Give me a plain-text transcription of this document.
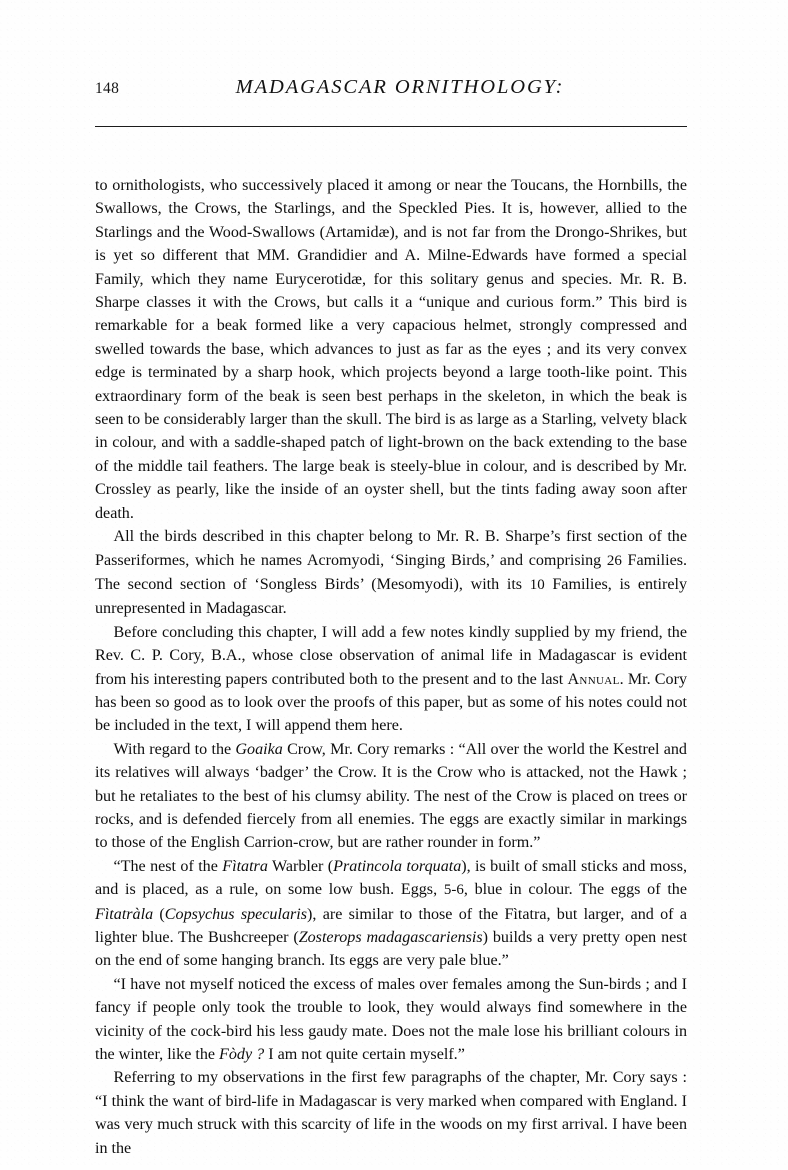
148	MADAGASCAR ORNITHOLOGY:

to ornithologists, who successively placed it among or near the Toucans, the Hornbills, the Swallows, the Crows, the Starlings, and the Speckled Pies. It is, however, allied to the Starlings and the Wood-Swallows (Artamidæ), and is not far from the Drongo-Shrikes, but is yet so different that MM. Grandidier and A. Milne-Edwards have formed a special Family, which they name Eurycerotidæ, for this solitary genus and species. Mr. R. B. Sharpe classes it with the Crows, but calls it a “unique and curious form.” This bird is remarkable for a beak formed like a very capacious helmet, strongly compressed and swelled towards the base, which advances to just as far as the eyes ; and its very convex edge is terminated by a sharp hook, which projects beyond a large tooth-like point. This extraordinary form of the beak is seen best perhaps in the skeleton, in which the beak is seen to be considerably larger than the skull. The bird is as large as a Starling, velvety black in colour, and with a saddle-shaped patch of light-brown on the back extending to the base of the middle tail feathers. The large beak is steely-blue in colour, and is described by Mr. Crossley as pearly, like the inside of an oyster shell, but the tints fading away soon after death.

All the birds described in this chapter belong to Mr. R. B. Sharpe’s first section of the Passeriformes, which he names Acromyodi, ‘Singing Birds,’ and comprising 26 Families. The second section of ‘Songless Birds’ (Mesomyodi), with its 10 Families, is entirely unrepresented in Madagascar.

Before concluding this chapter, I will add a few notes kindly supplied by my friend, the Rev. C. P. Cory, B.A., whose close observation of animal life in Madagascar is evident from his interesting papers contributed both to the present and to the last Annual. Mr. Cory has been so good as to look over the proofs of this paper, but as some of his notes could not be included in the text, I will append them here.

With regard to the Goaika Crow, Mr. Cory remarks : “All over the world the Kestrel and its relatives will always ‘badger’ the Crow. It is the Crow who is attacked, not the Hawk ; but he retaliates to the best of his clumsy ability. The nest of the Crow is placed on trees or rocks, and is defended fiercely from all enemies. The eggs are exactly similar in markings to those of the English Carrion-crow, but are rather rounder in form.”

“The nest of the Fìtatra Warbler (Pratincola torquata), is built of small sticks and moss, and is placed, as a rule, on some low bush. Eggs, 5-6, blue in colour. The eggs of the Fìtatràla (Copsychus specularis), are similar to those of the Fìtatra, but larger, and of a lighter blue. The Bushcreeper (Zosterops madagascariensis) builds a very pretty open nest on the end of some hanging branch. Its eggs are very pale blue.”

“I have not myself noticed the excess of males over females among the Sun-birds ; and I fancy if people only took the trouble to look, they would always find somewhere in the vicinity of the cock-bird his less gaudy mate. Does not the male lose his brilliant colours in the winter, like the Fòdy ? I am not quite certain myself.”

Referring to my observations in the first few paragraphs of the chapter, Mr. Cory says : “I think the want of bird-life in Madagascar is very marked when compared with England. I was very much struck with this scarcity of life in the woods on my first arrival. I have been in the
